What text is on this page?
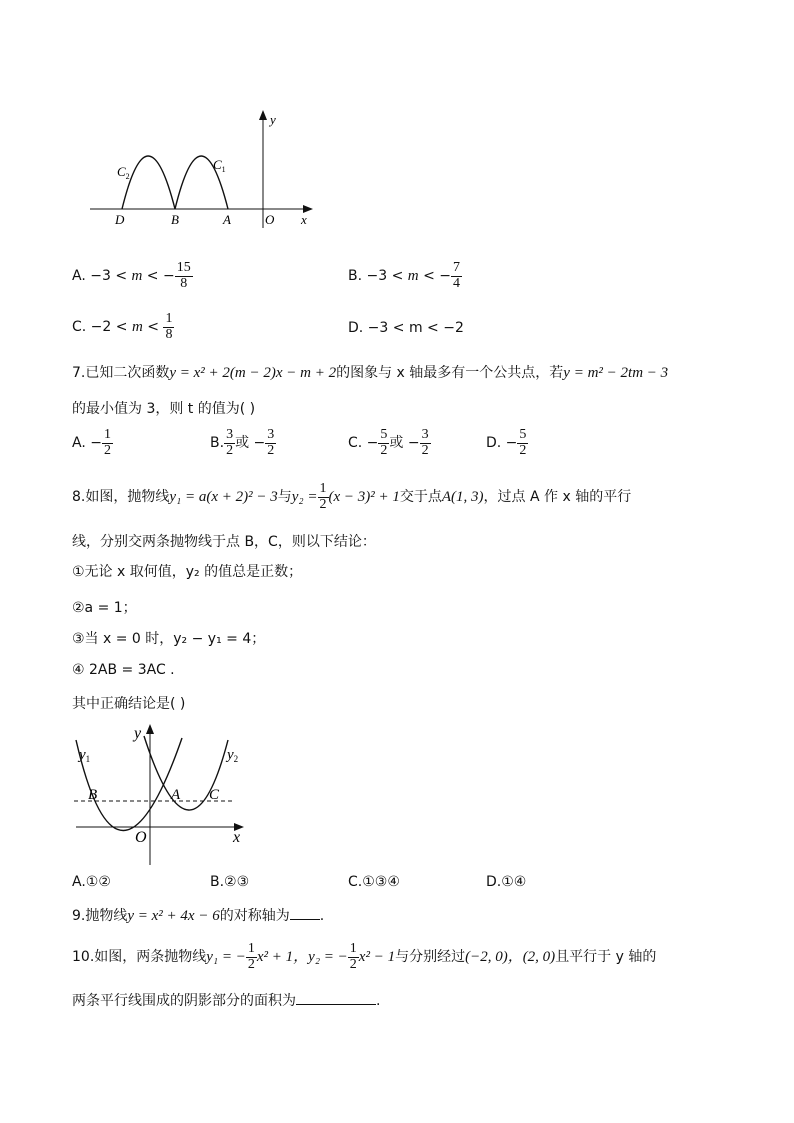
y
x
O
D	B	A
$C_2$
$C_1$
A. −3 < m < − $\frac{15}{8}$	B. −3 < m < − $\frac{7}{4}$
C. $-2 < m < \frac{1}{8}$	D. −3 < m < −2
7.已知二次函数y = x² + 2(m − 2)x − m + 2的图象与 x 轴最多有一个公共点，若y = m² − 2tm − 3
的最小值为 3，则 t 的值为( )
A. − $\frac{1}{2}$	B. $\frac{3}{2}$ 或 − $\frac{3}{2}$	C. − $\frac{5}{2}$ 或 − $\frac{3}{2}$	D. − $\frac{5}{2}$
8.如图，抛物线y₁ = a(x + 2)² − 3与$y_2 = \frac{1}{2} (x - 3)^2 + 1$交于点A(1, 3)，过点 A 作 x 轴的平行
线，分别交两条抛物线于点 B，C，则以下结论：
①无论 x 取何值，y₂ 的值总是正数；
②a = 1；
③当 x = 0 时，y₂ − y₁ = 4；
④ 2AB = 3AC .
其中正确结论是( )
y
x
O
$y_1$	$y_2$
B	A C
A.①②	B.②③	C.①③④	D.①④
9.抛物线y = x² + 4x − 6的对称轴为 .
10.如图，两条抛物线y₁ = − $\frac{1}{2} x^2 + 1$，y₂ = − $\frac{1}{2} x^2 - 1$与分别经过(−2, 0)，(2, 0)且平行于 y 轴的
两条平行线围成的阴影部分的面积为	.
